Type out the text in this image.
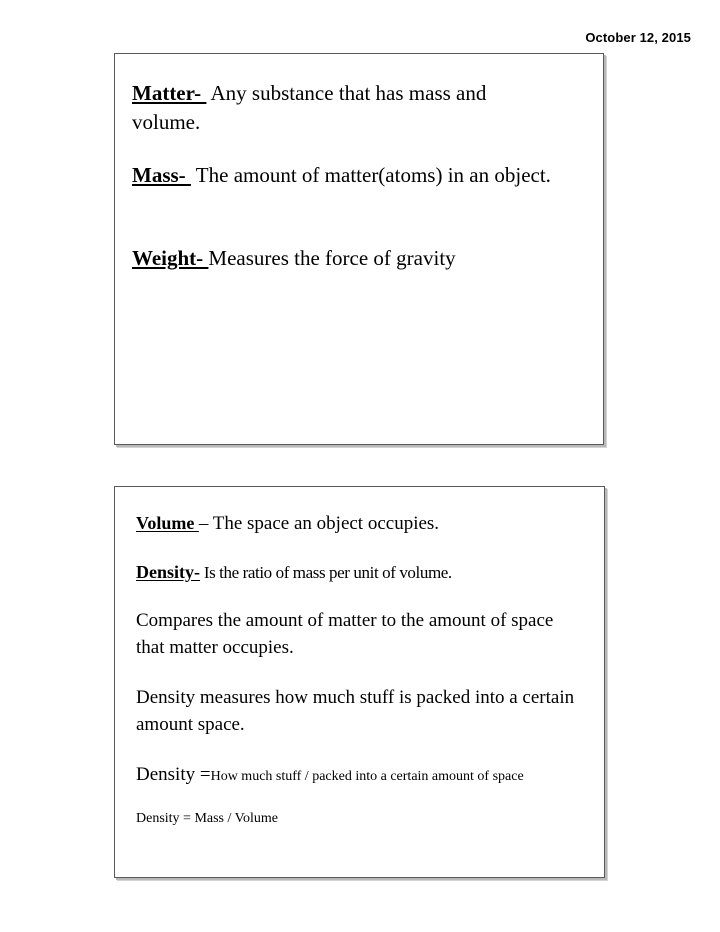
October 12, 2015

Matter-  Any substance that has mass and volume.

Mass-  The amount of matter(atoms) in an object.

Weight- Measures the force of gravity

Volume – The space an object occupies.

Density- Is the ratio of mass per unit of volume.

Compares the amount of matter to the amount of space that matter occupies.

Density measures how much stuff is packed into a certain amount space.

Density =How much stuff / packed into a certain amount of space

Density = Mass / Volume
